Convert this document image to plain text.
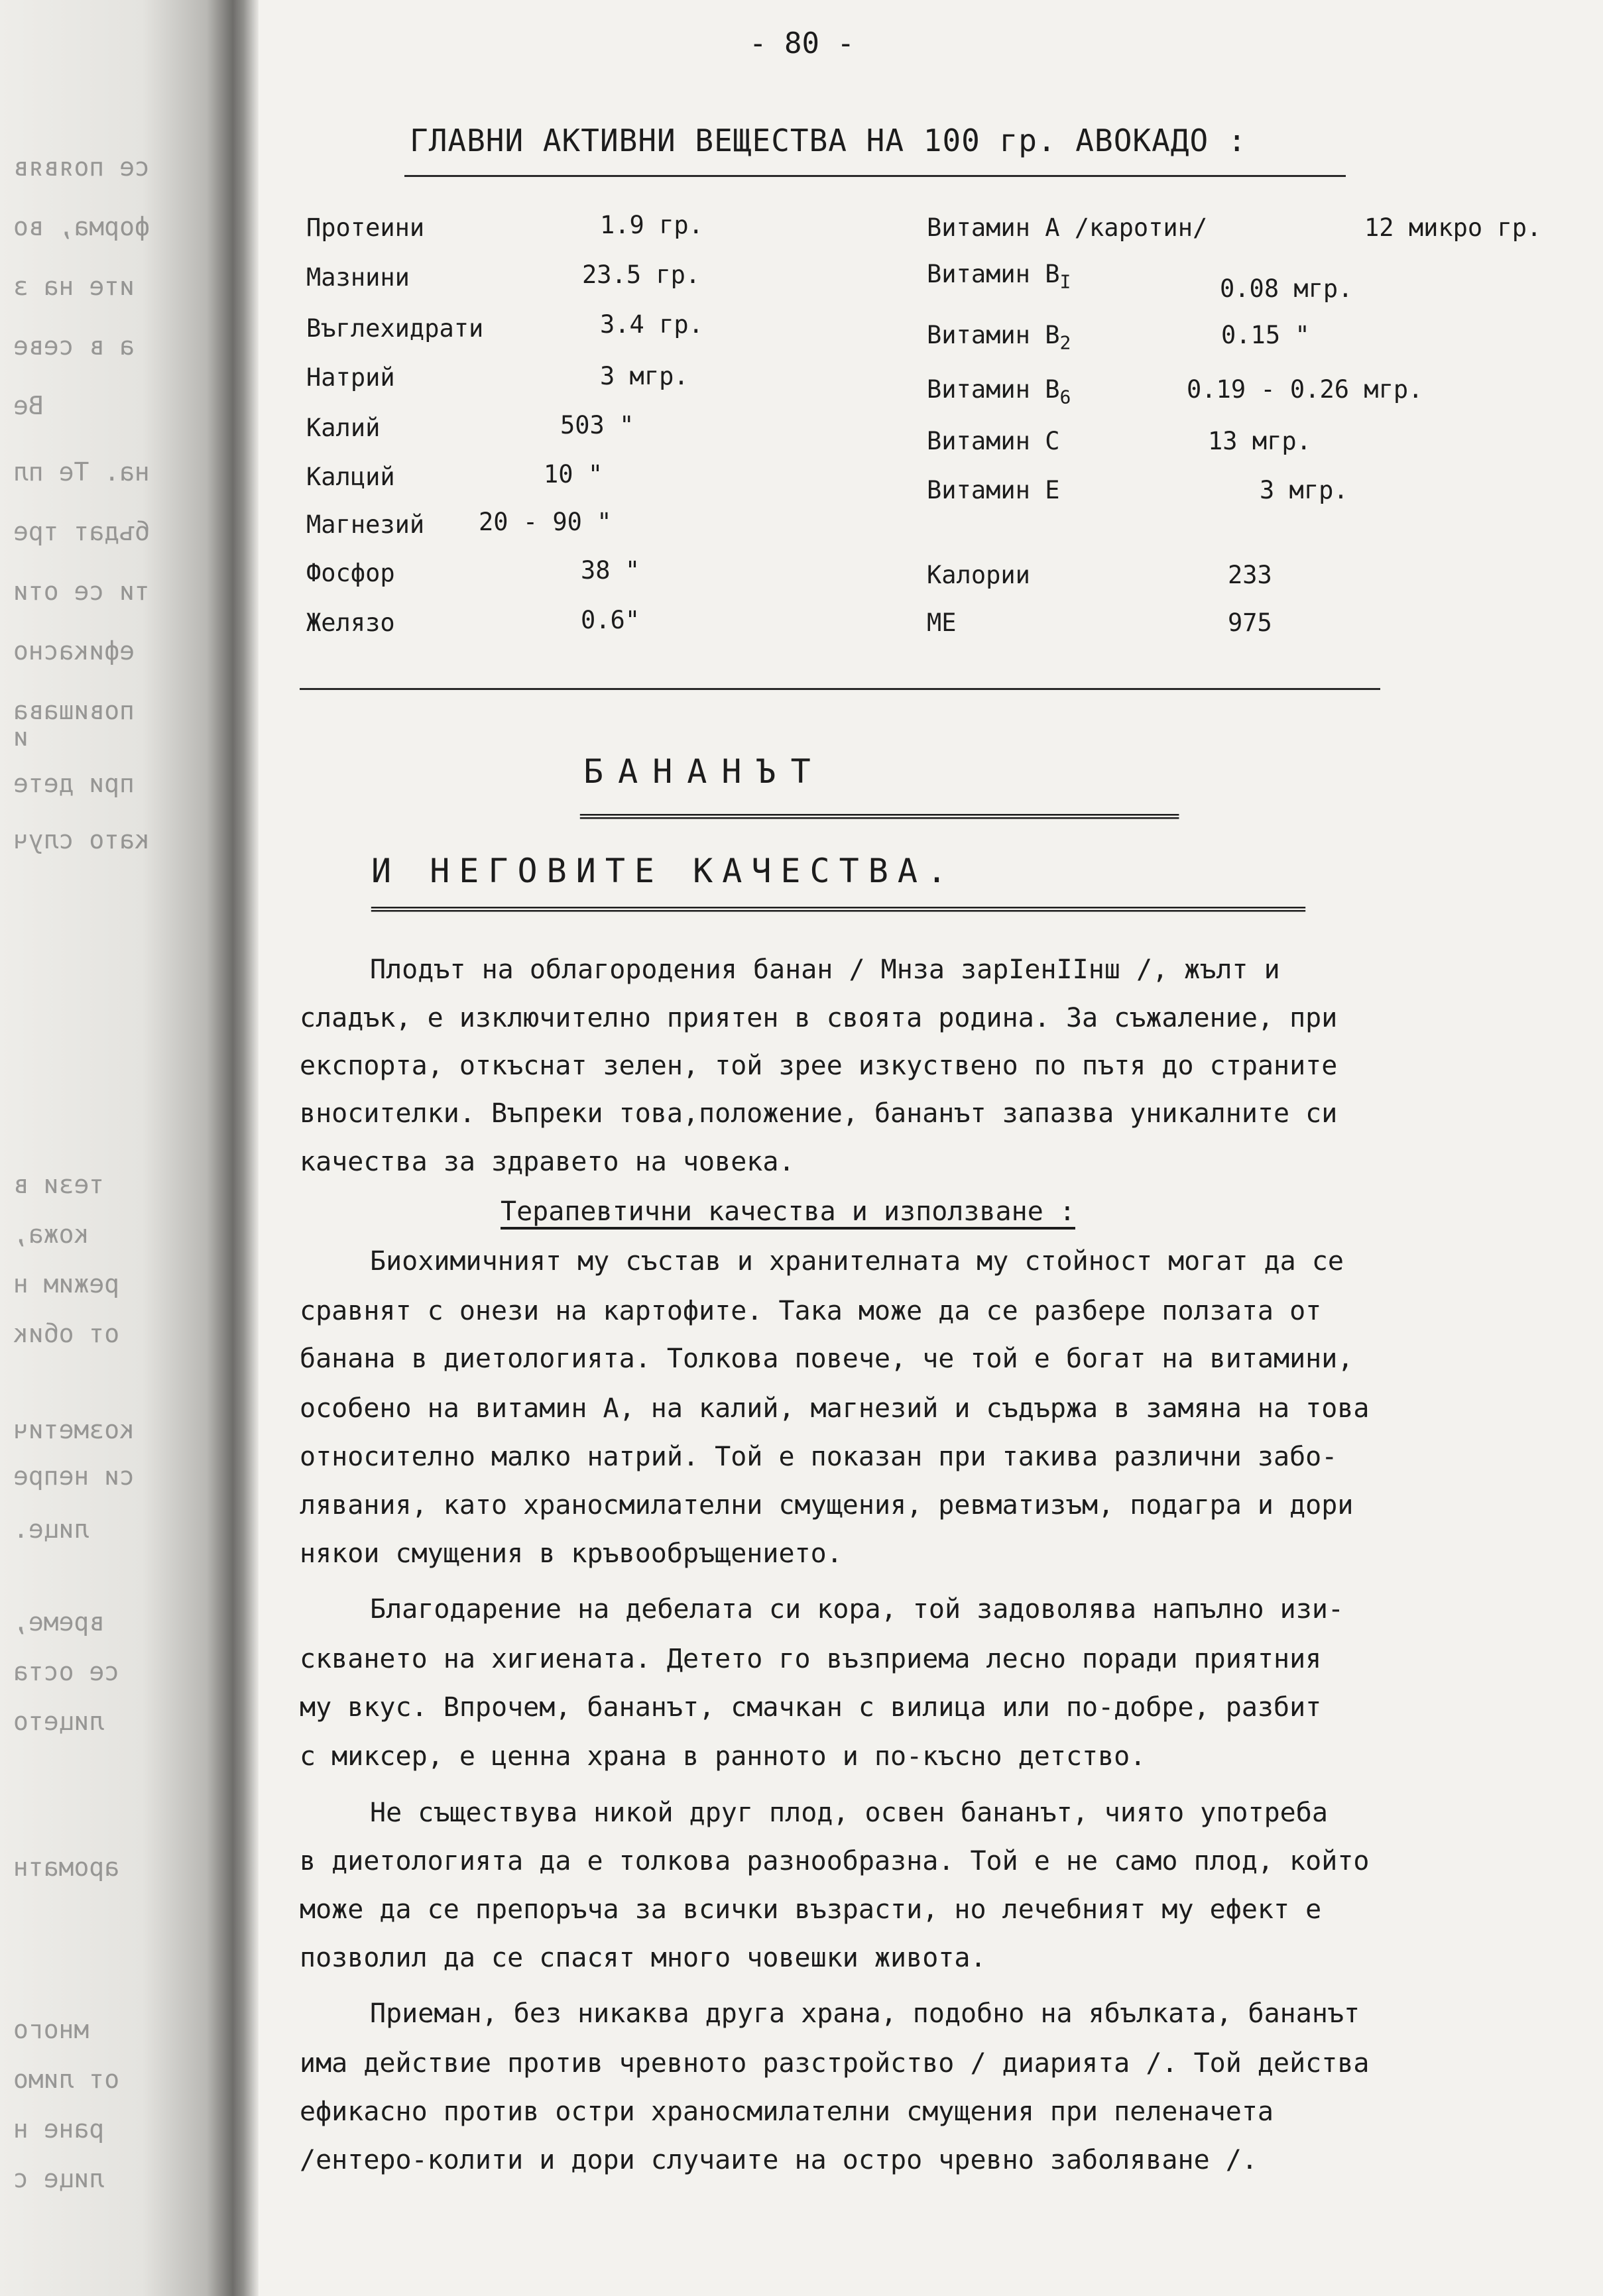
се появяв
форма, во
ите на з
а в севе
Ве
на. Те пл
бъдат тре
ти се оти
ефикасно
повишава
и
при дете
като случ
тези в
кожа,
режим н
от обик
козметич
си непре
лице.
време,
се оста
лицето
ароматн
много
от лимо
ране н
лице с
- 80 -
ГЛАВНИ АКТИВНИ ВЕЩЕСТВА НА 100 гр. АВОКАДО :
Протеини	1.9 гр.
Мазнини	23.5 гр.
Въглехидрати	3.4 гр.
Натрий	3 мгр.
Калий	503 "
Калций	10 "
Магнезий 20 - 90 "
Фосфор	38 "
Желязо	0.6"
Витамин А /каротин/	12 микро гр.
Витамин $В_I$	0.08 мгр.
Витамин $В_2$	0.15 "
Витамин $В_6$	0.19 - 0.26 мгр.
Витамин С	13 мгр.
Витамин Е	3 мгр.
Калории	233
МЕ	975
БАНАНЪТ
══════════════════════════════════════════════════
И НЕГОВИТЕ КАЧЕСТВА.
══════════════════════════════════════════════════════════════════════════════
Плодът на облагородения банан / Мнза зарIенIIнш /, жълт и
сладък, е изключително приятен в своята родина. За съжаление, при
експорта, откъснат зелен, той зрее изкуствено по пътя до страните
вносителки. Въпреки това,положение, бананът запазва уникалните си
качества за здравето на човека.
Терапевтични качества и използване :
Биохимичният му състав и хранителната му стойност могат да се
сравнят с онези на картофите. Така може да се разбере ползата от
банана в диетологията. Толкова повече, че той е богат на витамини,
особено на витамин А, на калий, магнезий и съдържа в замяна на това
относително малко натрий. Той е показан при такива различни забо-
лявания, като храносмилателни смущения, ревматизъм, подагра и дори
някои смущения в кръвообръщението.
Благодарение на дебелата си кора, той задоволява напълно изи-
скването на хигиената. Детето го възприема лесно поради приятния
му вкус. Впрочем, бананът, смачкан с вилица или по-добре, разбит
с миксер, е ценна храна в ранното и по-късно детство.
Не съществува никой друг плод, освен бананът, чиято употреба
в диетологията да е толкова разнообразна. Той е не само плод, който
може да се препоръча за всички възрасти, но лечебният му ефект е
позволил да се спасят много човешки живота.
Приеман, без никаква друга храна, подобно на ябълката, бананът
има действие против чревното разстройство / диарията /. Той действа
ефикасно против остри храносмилателни смущения при пеленачета
/ентеро-колити и дори случаите на остро чревно заболяване /.
